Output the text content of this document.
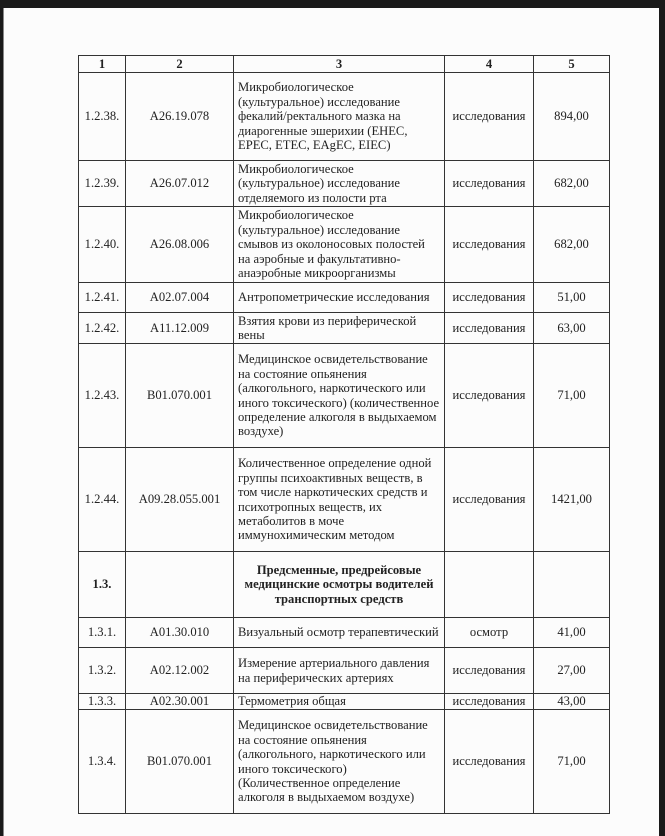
1	2	3	4	5
1.2.38.	A26.19.078	Микробиологическое (культуральное) исследование фекалий/ректального мазка на диарогенные эшерихии (EHEC, EPEC, ETEC, EAgEC, EIEC)	исследования	894,00
1.2.39.	A26.07.012	Микробиологическое (культуральное) исследование отделяемого из полости рта	исследования	682,00
1.2.40.	A26.08.006	Микробиологическое (культуральное) исследование смывов из околоносовых полостей на аэробные и факультативно-анаэробные микроорганизмы	исследования	682,00
1.2.41.	A02.07.004	Антропометрические исследования	исследования	51,00
1.2.42.	A11.12.009	Взятия крови из периферической вены	исследования	63,00
1.2.43.	B01.070.001	Медицинское освидетельствование на состояние опьянения (алкогольного, наркотического или иного токсического) (количественное определение алкоголя в выдыхаемом воздухе)	исследования	71,00
1.2.44.	A09.28.055.001	Количественное определение одной группы психоактивных веществ, в том числе наркотических средств и психотропных веществ, их метаболитов в моче иммунохимическим методом	исследования	1421,00
1.3.		Предсменные, предрейсовые медицинские осмотры водителей транспортных средств		
1.3.1.	A01.30.010	Визуальный осмотр терапевтический	осмотр	41,00
1.3.2.	A02.12.002	Измерение артериального давления на периферических артериях	исследования	27,00
1.3.3.	A02.30.001	Термометрия общая	исследования	43,00
1.3.4.	B01.070.001	Медицинское освидетельствование на состояние опьянения (алкогольного, наркотического или иного токсического) (Количественное определение алкоголя в выдыхаемом воздухе)	исследования	71,00
